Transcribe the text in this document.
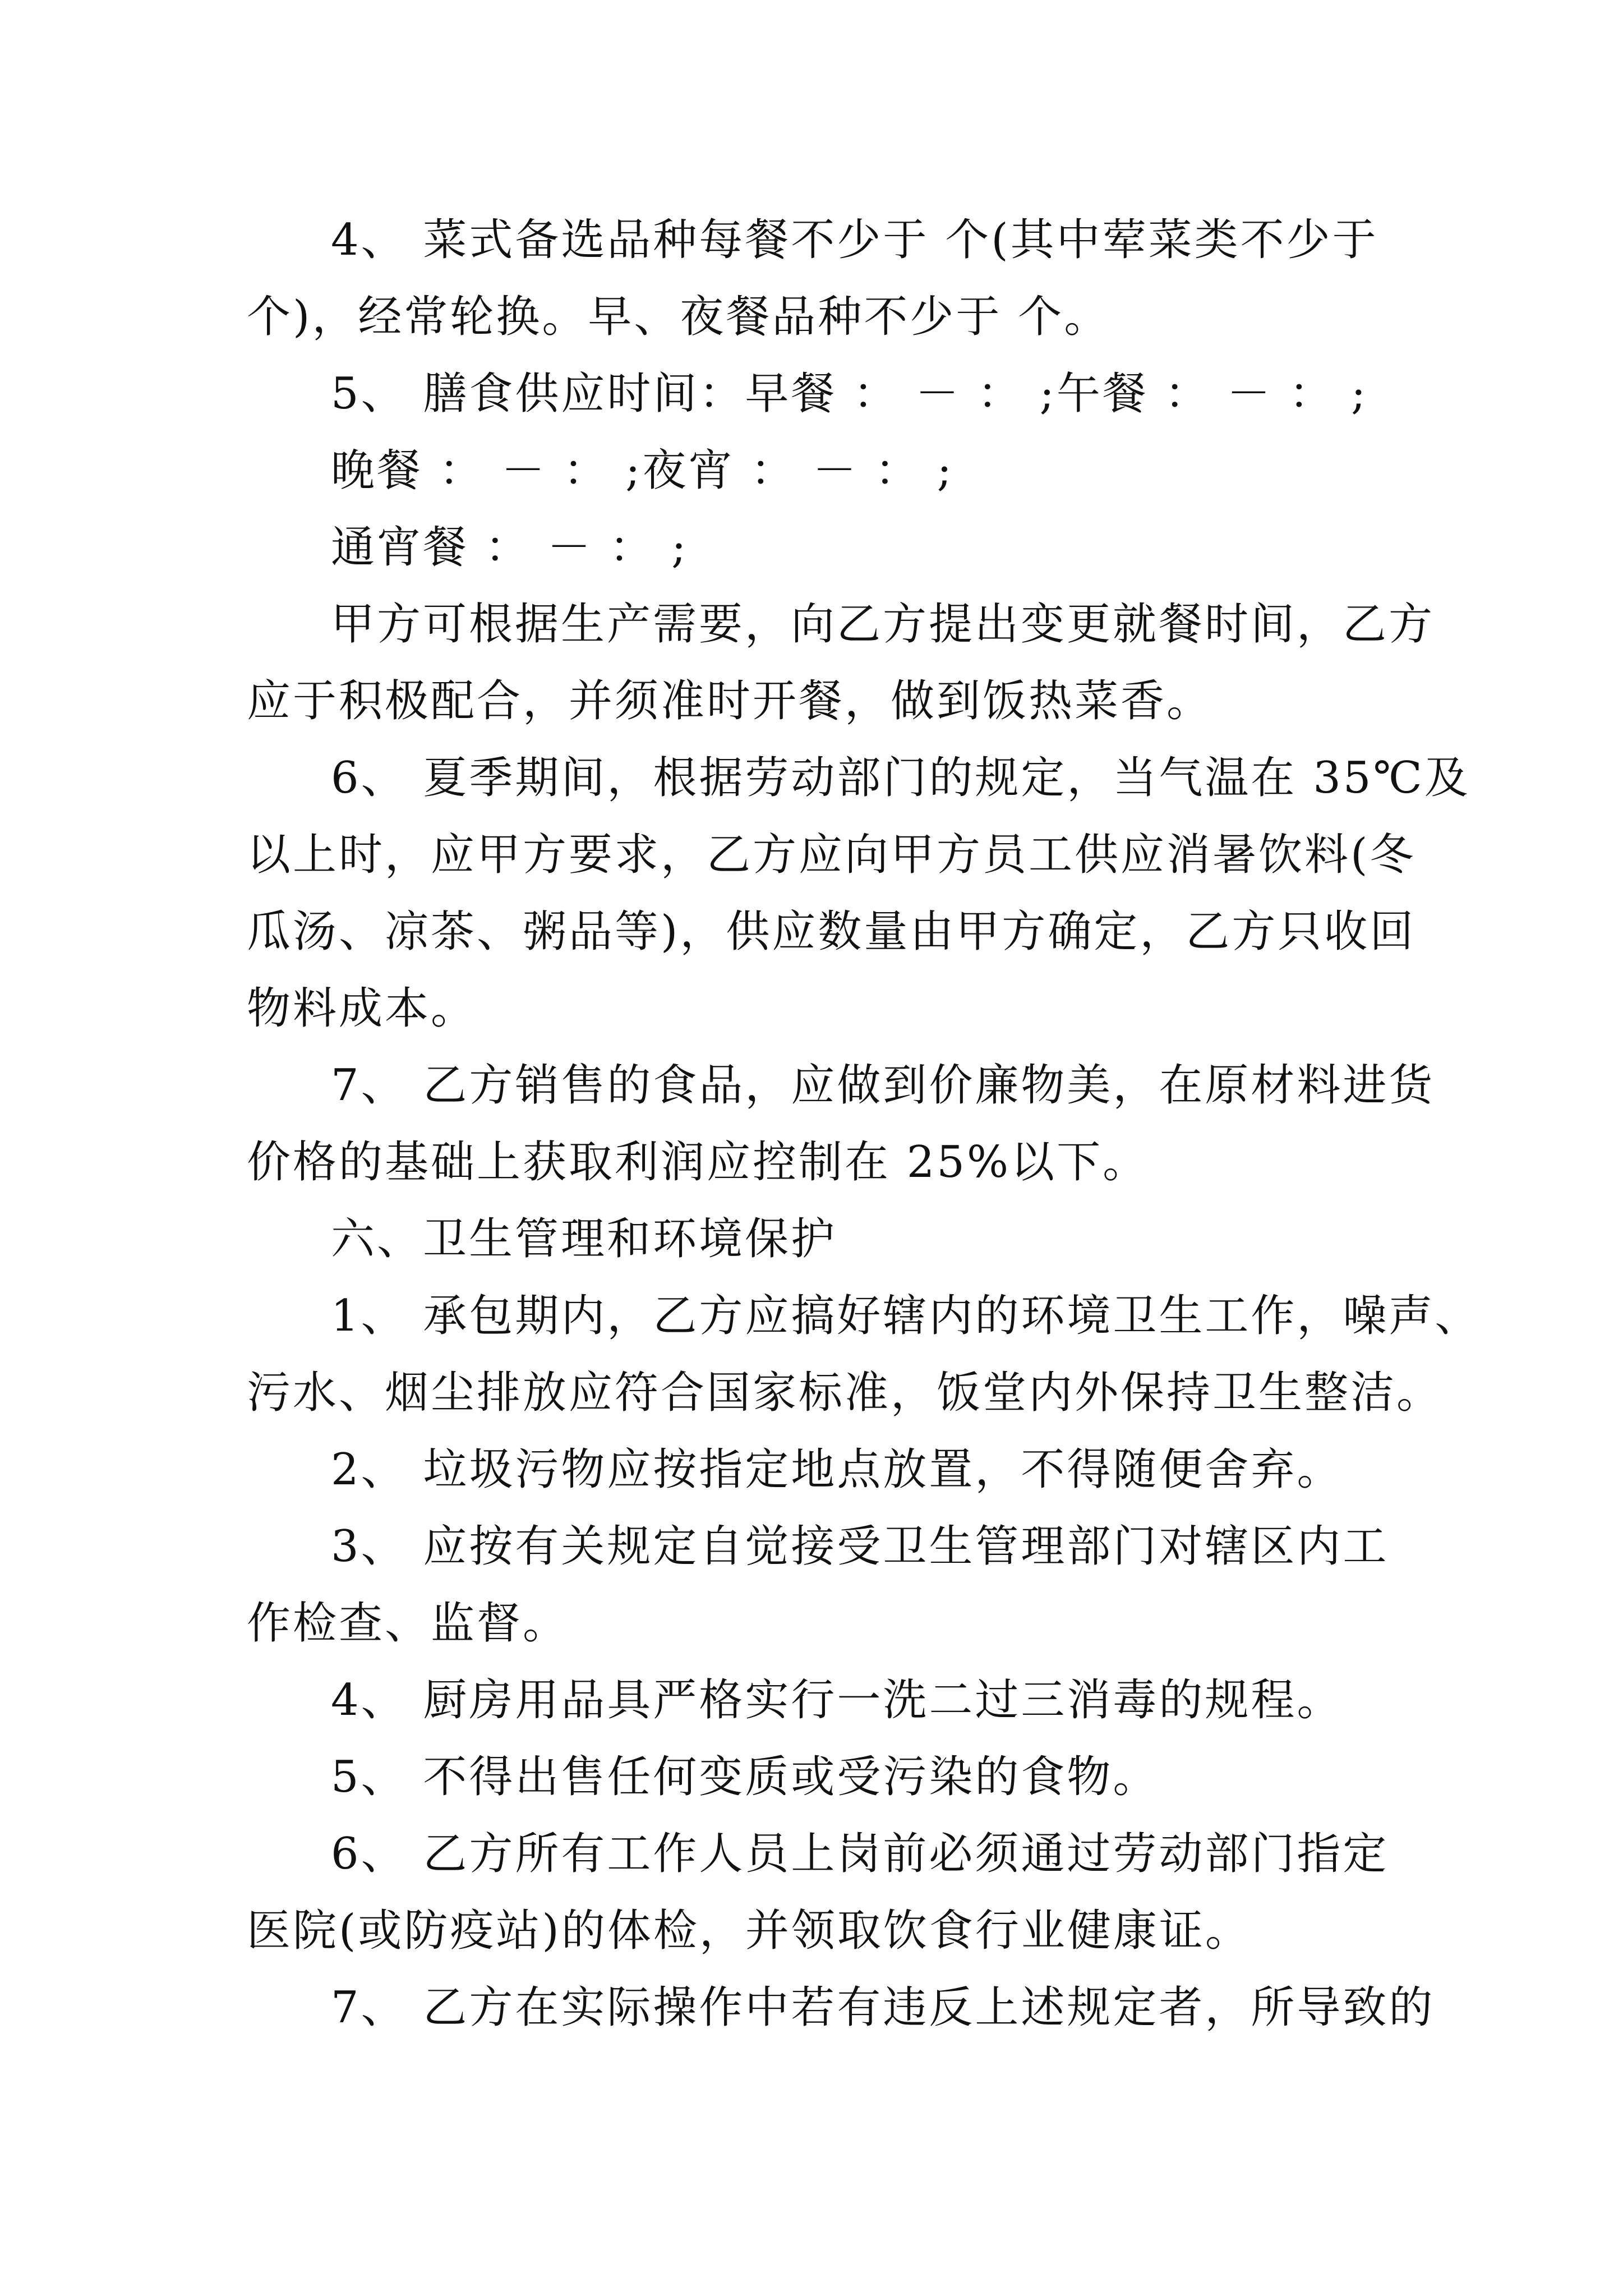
4、 菜式备选品种每餐不少于 个(其中荤菜类不少于

个)，经常轮换。早、夜餐品种不少于 个。

5、 膳食供应时间：早餐 ： － ： ;午餐 ： － ： ;

晚餐 ： － ： ;夜宵 ： － ： ;

通宵餐 ： － ： ;

甲方可根据生产需要，向乙方提出变更就餐时间，乙方

应于积极配合，并须准时开餐，做到饭热菜香。

6、 夏季期间，根据劳动部门的规定，当气温在 35℃及

以上时，应甲方要求，乙方应向甲方员工供应消暑饮料(冬

瓜汤、凉茶、粥品等)，供应数量由甲方确定，乙方只收回

物料成本。

7、 乙方销售的食品，应做到价廉物美，在原材料进货

价格的基础上获取利润应控制在 25%以下。

六、卫生管理和环境保护

1、 承包期内，乙方应搞好辖内的环境卫生工作，噪声、

污水、烟尘排放应符合国家标准，饭堂内外保持卫生整洁。

2、 垃圾污物应按指定地点放置，不得随便舍弃。

3、 应按有关规定自觉接受卫生管理部门对辖区内工

作检查、监督。

4、 厨房用品具严格实行一洗二过三消毒的规程。

5、 不得出售任何变质或受污染的食物。

6、 乙方所有工作人员上岗前必须通过劳动部门指定

医院(或防疫站)的体检，并领取饮食行业健康证。

7、 乙方在实际操作中若有违反上述规定者，所导致的
